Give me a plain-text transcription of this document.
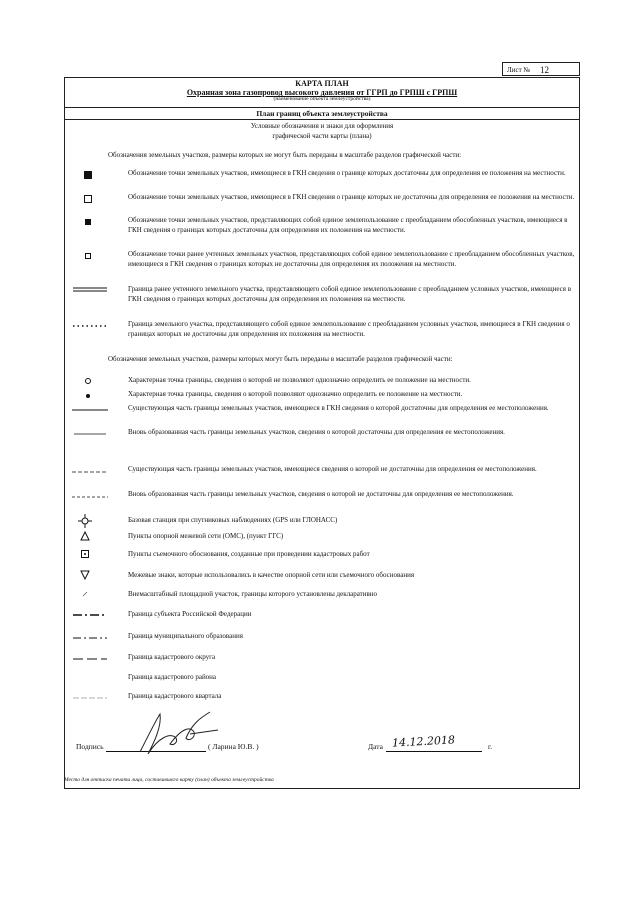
Лист № 12
КАРТА ПЛАН
Охранная зона газопровод высокого давления от ГГРП до ГРПШ с ГРПШ
(наименование объекта землеустройства)
План границ объекта землеустройства
Условные обозначения и знаки для оформления
графической части карты (плана)
Обозначения земельных участков, размеры которых не могут быть переданы в масштабе разделов графической части:
Обозначение точки земельных участков, имеющиеся в ГКН сведения о границе которых достаточны для определения ее положения на местности.
Обозначение точки земельных участков, имеющиеся в ГКН сведения о границе которых не достаточны для определения ее положения на местности.
Обозначение точки земельных участков, представляющих собой единое землепользование с преобладанием обособленных участков, имеющиеся в ГКН сведения о границах которых достаточны для определения их положения на местности.
Обозначение точки ранее учтенных земельных участков, представляющих собой единое землепользование с преобладанием обособленных участков, имеющиеся в ГКН сведения о границах которых не достаточны для определения их положения на местности.
Граница ранее учтенного земельного участка, представляющего собой единое землепользование с преобладанием условных участков, имеющиеся в ГКН сведения о границах которых достаточны для определения их положения на местности.
Граница земельного участка, представляющего собой единое землепользование с преобладанием условных участков, имеющиеся в ГКН сведения о границах которых не достаточны для определения их положения на местности.
Обозначения земельных участков, размеры которых могут быть переданы в масштабе разделов графической части:
Характерная точка границы, сведения о которой не позволяют однозначно определить ее положение на местности.
Характерная точка границы, сведения о которой позволяют однозначно определить ее положение на местности.
Существующая часть границы земельных участков, имеющиеся в ГКН сведения о которой достаточны для определения ее местоположения.
Вновь образованная часть границы земельных участков, сведения о которой достаточны для определения ее местоположения.
Существующая часть границы земельных участков, имеющиеся сведения о которой не достаточны для определения ее местоположения.
Вновь образованная часть границы земельных участков, сведения о которой не достаточны для определения ее местоположения.
Базовая станция при спутниковых наблюдениях (GPS или ГЛОНАСС)
Пункты опорной межевой сети (ОМС), (пункт ГГС)
Пункты съемочного обоснования, созданные при проведении кадастровых работ
Межевые знаки, которые использовались в качестве опорной сети или съемочного обоснования
Внемасштабный площадной участок, границы которого установлены декларативно
Граница субъекта Российской Федерации
Граница муниципального образования
Граница кадастрового округа
Граница кадастрового района
Граница кадастрового квартала
Подпись	( Ларина Ю.В. )	Дата 14.12.2018	г.
Место для оттиска печати лица, составившего карту (план) объекта землеустройства
